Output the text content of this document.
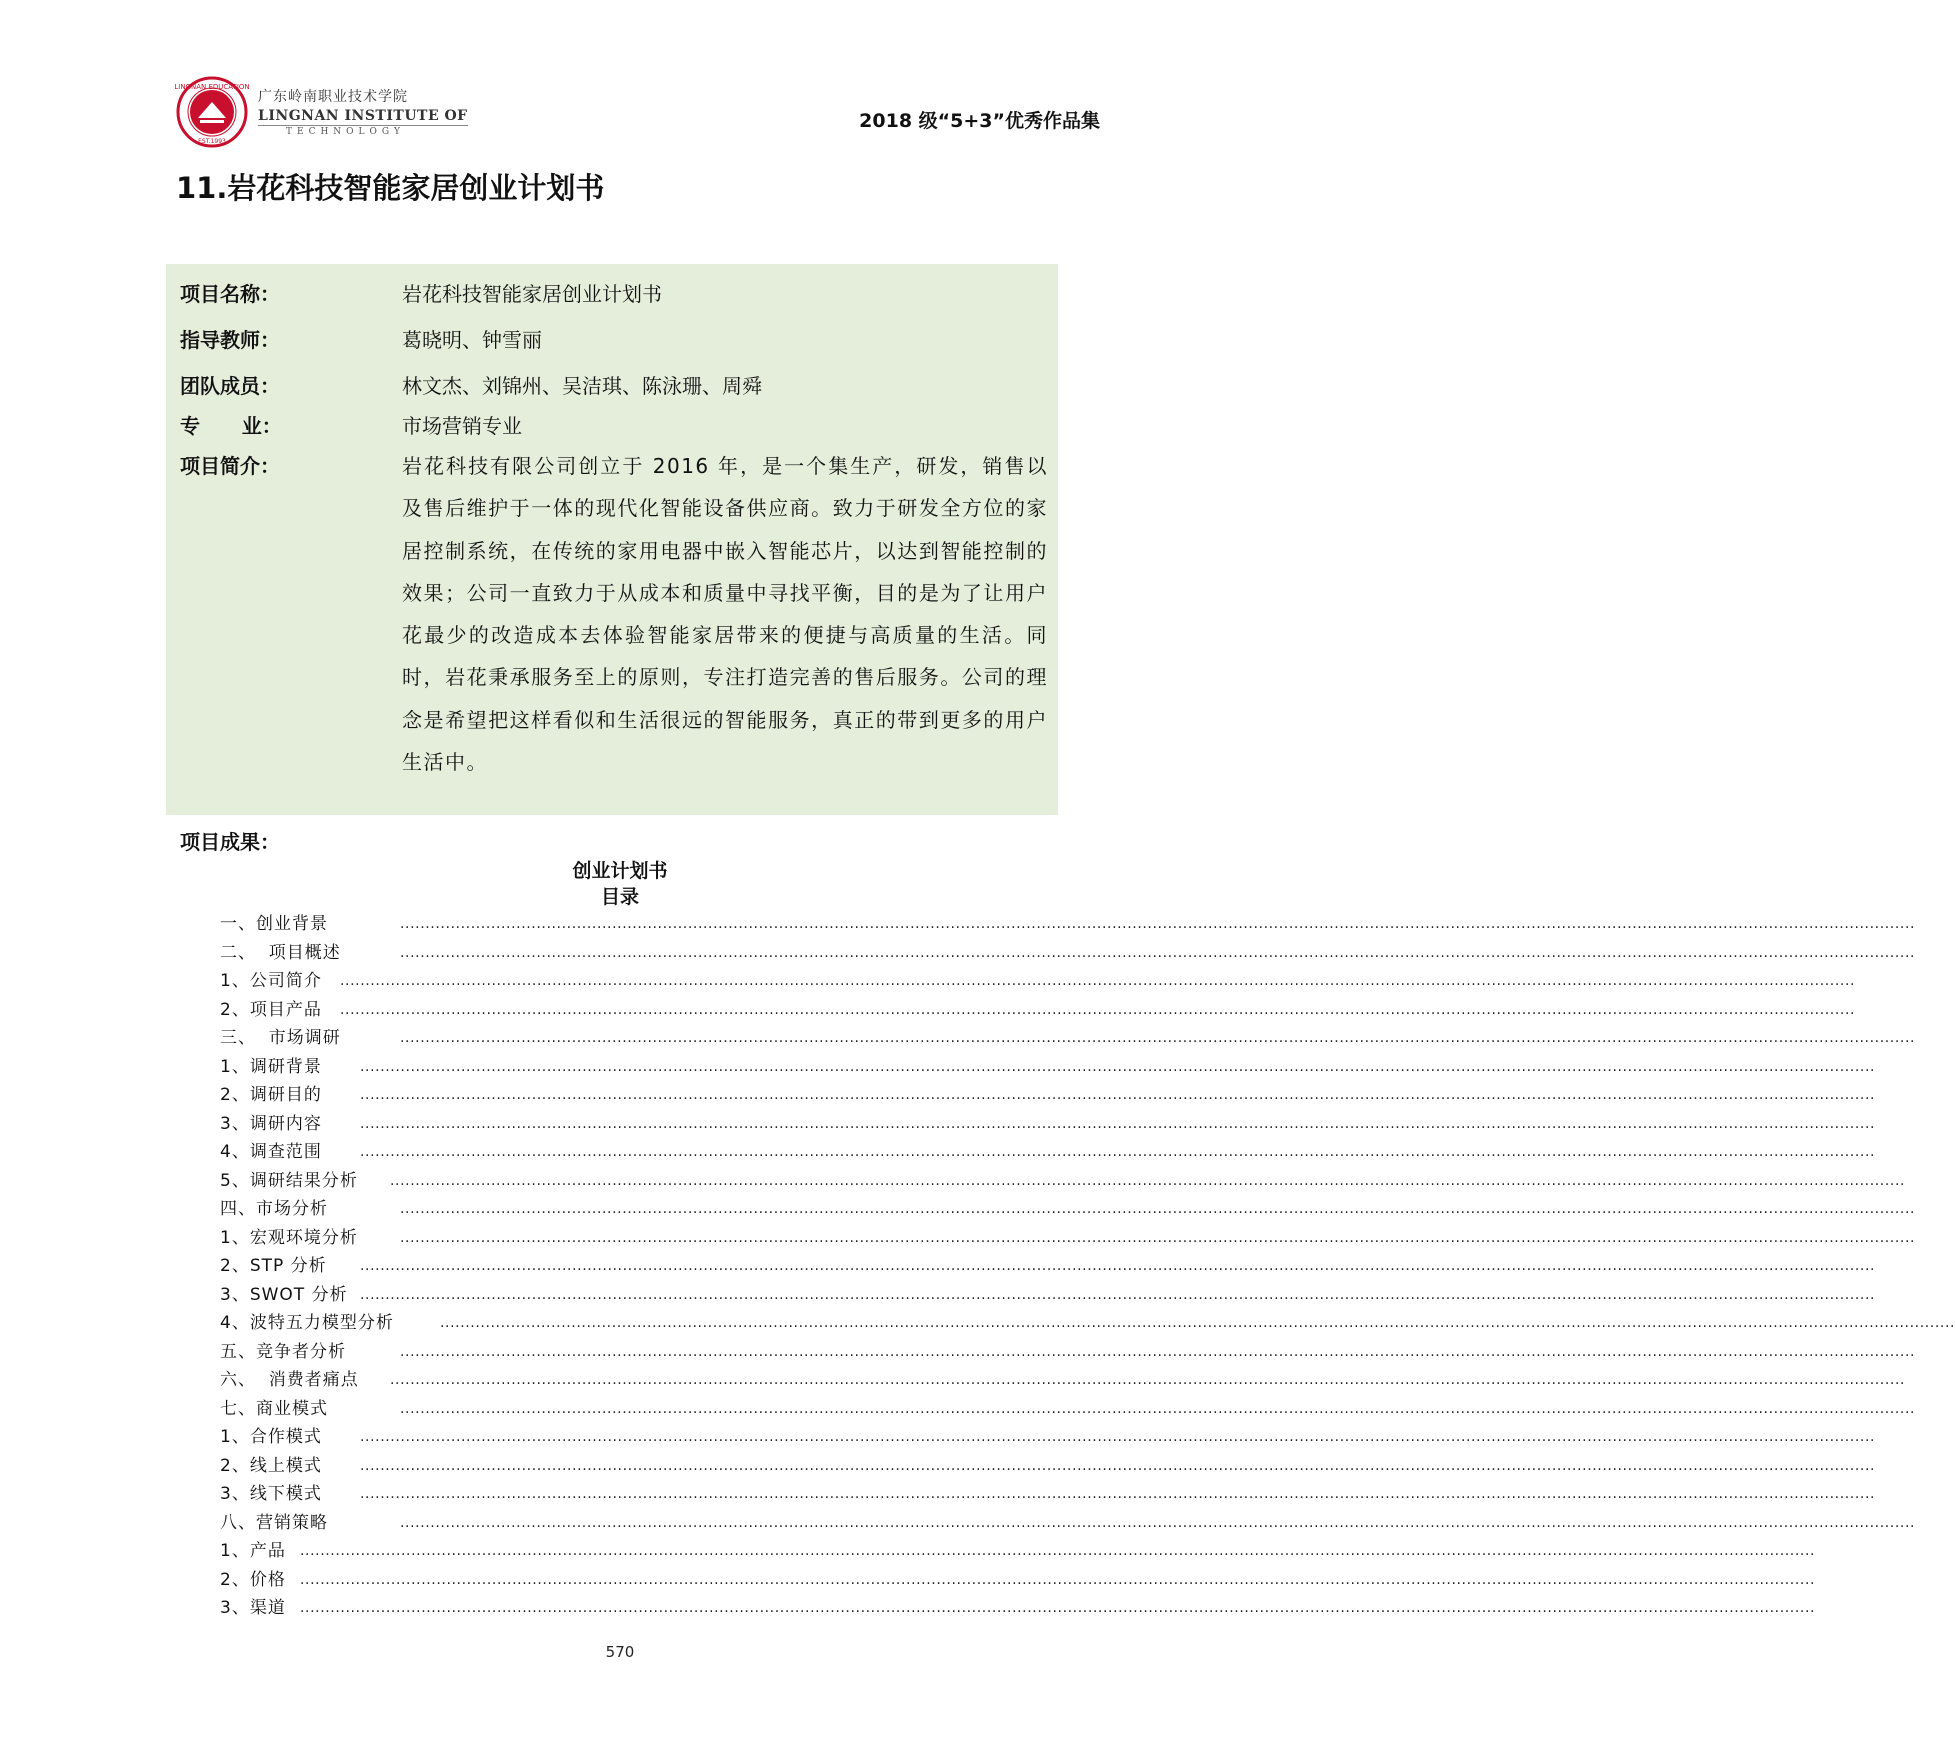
LINGNAN EDUCATION
EST.1993
广东岭南职业技术学院
LINGNAN INSTITUTE OF
TECHNOLOGY	2018 级“5+3”优秀作品集
11.岩花科技智能家居创业计划书
项目名称：	岩花科技智能家居创业计划书
指导教师：	葛晓明、钟雪丽
团队成员：	林文杰、刘锦州、吴洁琪、陈泳珊、周舜
专      业：	市场营销专业
项目简介：	岩花科技有限公司创立于 2016 年，是一个集生产，研发，销售以及售后维护于一体的现代化智能设备供应商。致力于研发全方位的家居控制系统，在传统的家用电器中嵌入智能芯片，以达到智能控制的效果；公司一直致力于从成本和质量中寻找平衡，目的是为了让用户花最少的改造成本去体验智能家居带来的便捷与高质量的生活。同时，岩花秉承服务至上的原则，专注打造完善的售后服务。公司的理念是希望把这样看似和生活很远的智能服务，真正的带到更多的用户生活中。
项目成果：
创业计划书
目录
一、创业背景	............................................................................................................................................................................................................................................................................................................
二、  项目概述	............................................................................................................................................................................................................................................................................................................
1、公司简介 ............................................................................................................................................................................................................................................................................................................
2、项目产品 ............................................................................................................................................................................................................................................................................................................
三、  市场调研	............................................................................................................................................................................................................................................................................................................
1、调研背景	............................................................................................................................................................................................................................................................................................................
2、调研目的	............................................................................................................................................................................................................................................................................................................
3、调研内容	............................................................................................................................................................................................................................................................................................................
4、调查范围	............................................................................................................................................................................................................................................................................................................
5、调研结果分析 ............................................................................................................................................................................................................................................................................................................
四、市场分析	............................................................................................................................................................................................................................................................................................................
1、宏观环境分析	............................................................................................................................................................................................................................................................................................................
2、STP 分析 ............................................................................................................................................................................................................................................................................................................
3、SWOT 分析 ............................................................................................................................................................................................................................................................................................................
4、波特五力模型分析	............................................................................................................................................................................................................................................................................................................
五、竞争者分析	............................................................................................................................................................................................................................................................................................................
六、  消费者痛点 ............................................................................................................................................................................................................................................................................................................
七、商业模式	............................................................................................................................................................................................................................................................................................................
1、合作模式	............................................................................................................................................................................................................................................................................................................
2、线上模式	............................................................................................................................................................................................................................................................................................................
3、线下模式	............................................................................................................................................................................................................................................................................................................
八、营销策略	............................................................................................................................................................................................................................................................................................................
1、产品 ............................................................................................................................................................................................................................................................................................................
2、价格 ............................................................................................................................................................................................................................................................................................................
3、渠道 ............................................................................................................................................................................................................................................................................................................
570
